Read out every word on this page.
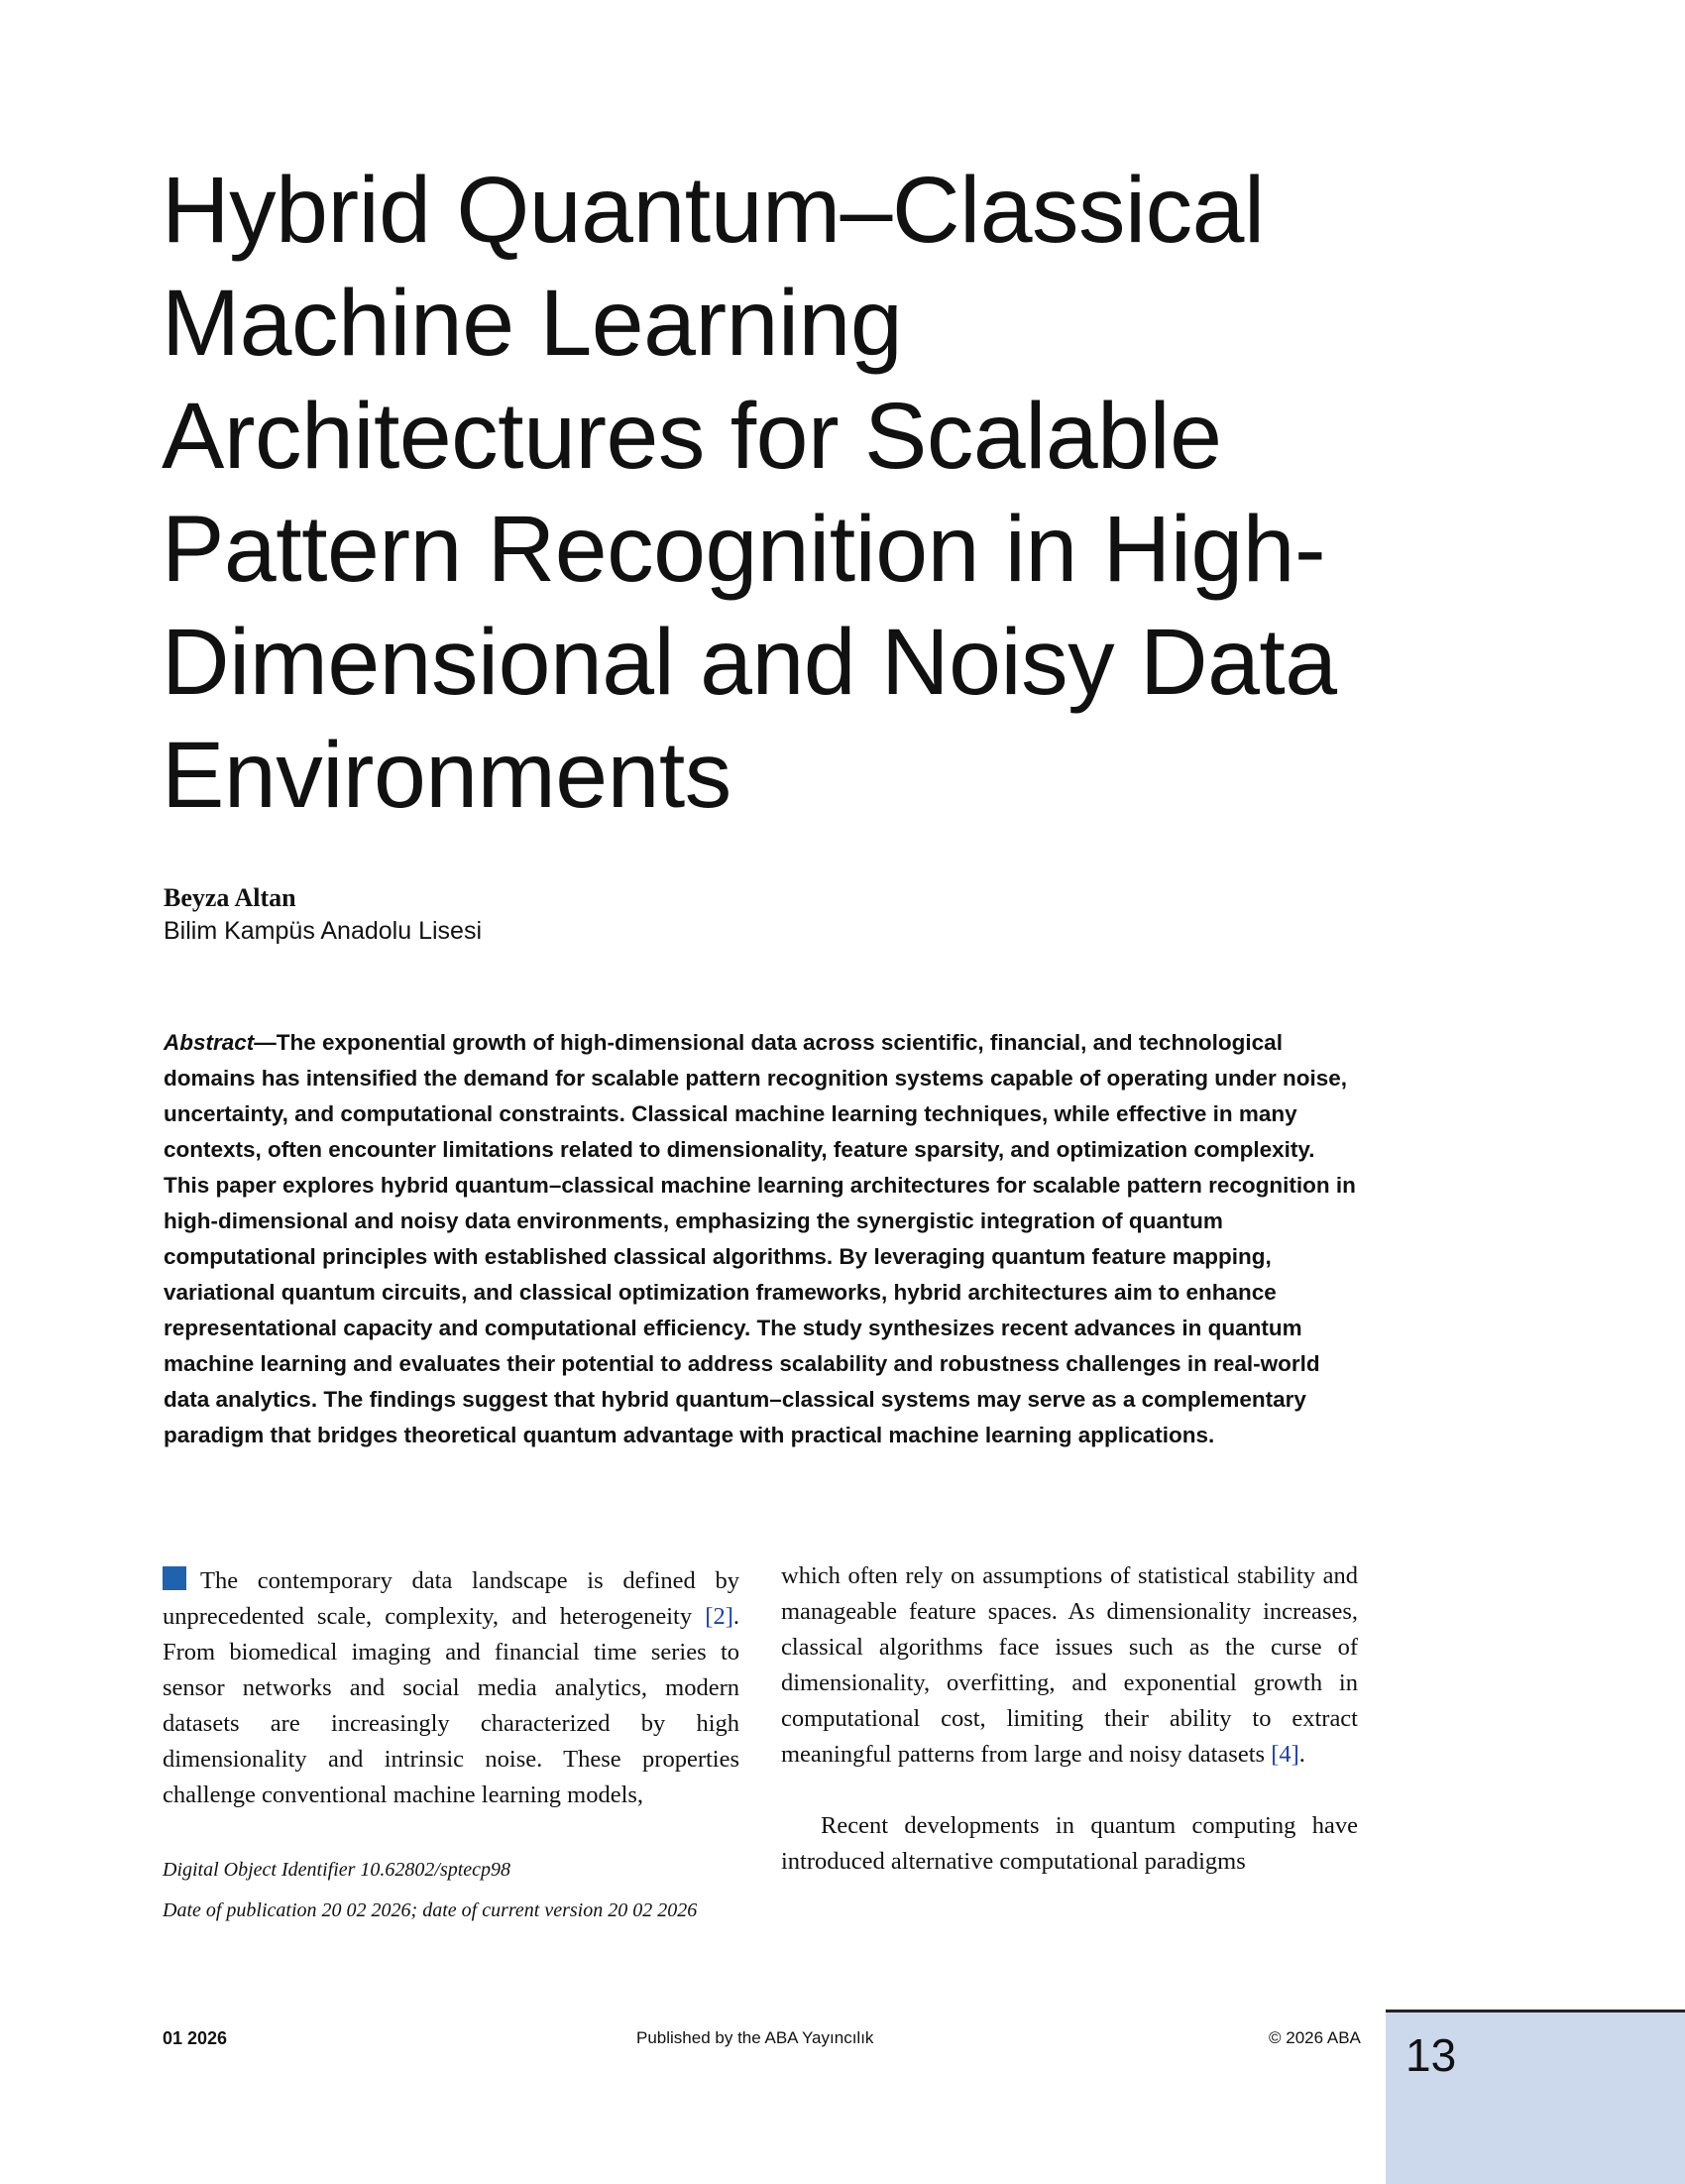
Hybrid Quantum–Classical Machine Learning Architectures for Scalable Pattern Recognition in High-Dimensional and Noisy Data Environments
Beyza Altan
Bilim Kampüs Anadolu Lisesi

Abstract—The exponential growth of high-dimensional data across scientific, financial, and technological domains has intensified the demand for scalable pattern recognition systems capable of operating under noise, uncertainty, and computational constraints. Classical machine learning techniques, while effective in many contexts, often encounter limitations related to dimensionality, feature sparsity, and optimization complexity. This paper explores hybrid quantum–classical machine learning architectures for scalable pattern recognition in high-dimensional and noisy data environments, emphasizing the synergistic integration of quantum computational principles with established classical algorithms. By leveraging quantum feature mapping, variational quantum circuits, and classical optimization frameworks, hybrid architectures aim to enhance representational capacity and computational efficiency. The study synthesizes recent advances in quantum machine learning and evaluates their potential to address scalability and robustness challenges in real-world data analytics. The findings suggest that hybrid quantum–classical systems may serve as a complementary paradigm that bridges theoretical quantum advantage with practical machine learning applications.

The contemporary data landscape is defined by unprecedented scale, complexity, and heterogeneity [2]. From biomedical imaging and financial time series to sensor networks and social media analytics, modern datasets are increasingly characterized by high dimensionality and intrinsic noise. These properties challenge conventional machine learning models,

which often rely on assumptions of statistical stability and manageable feature spaces. As dimensionality increases, classical algorithms face issues such as the curse of dimensionality, overfitting, and exponential growth in computational cost, limiting their ability to extract meaningful patterns from large and noisy datasets [4].

Recent developments in quantum computing have introduced alternative computational paradigms

Digital Object Identifier 10.62802/sptecp98
Date of publication 20 02 2026; date of current version 20 02 2026
01 2026	Published by the ABA Yayıncılık	© 2026 ABA 13
